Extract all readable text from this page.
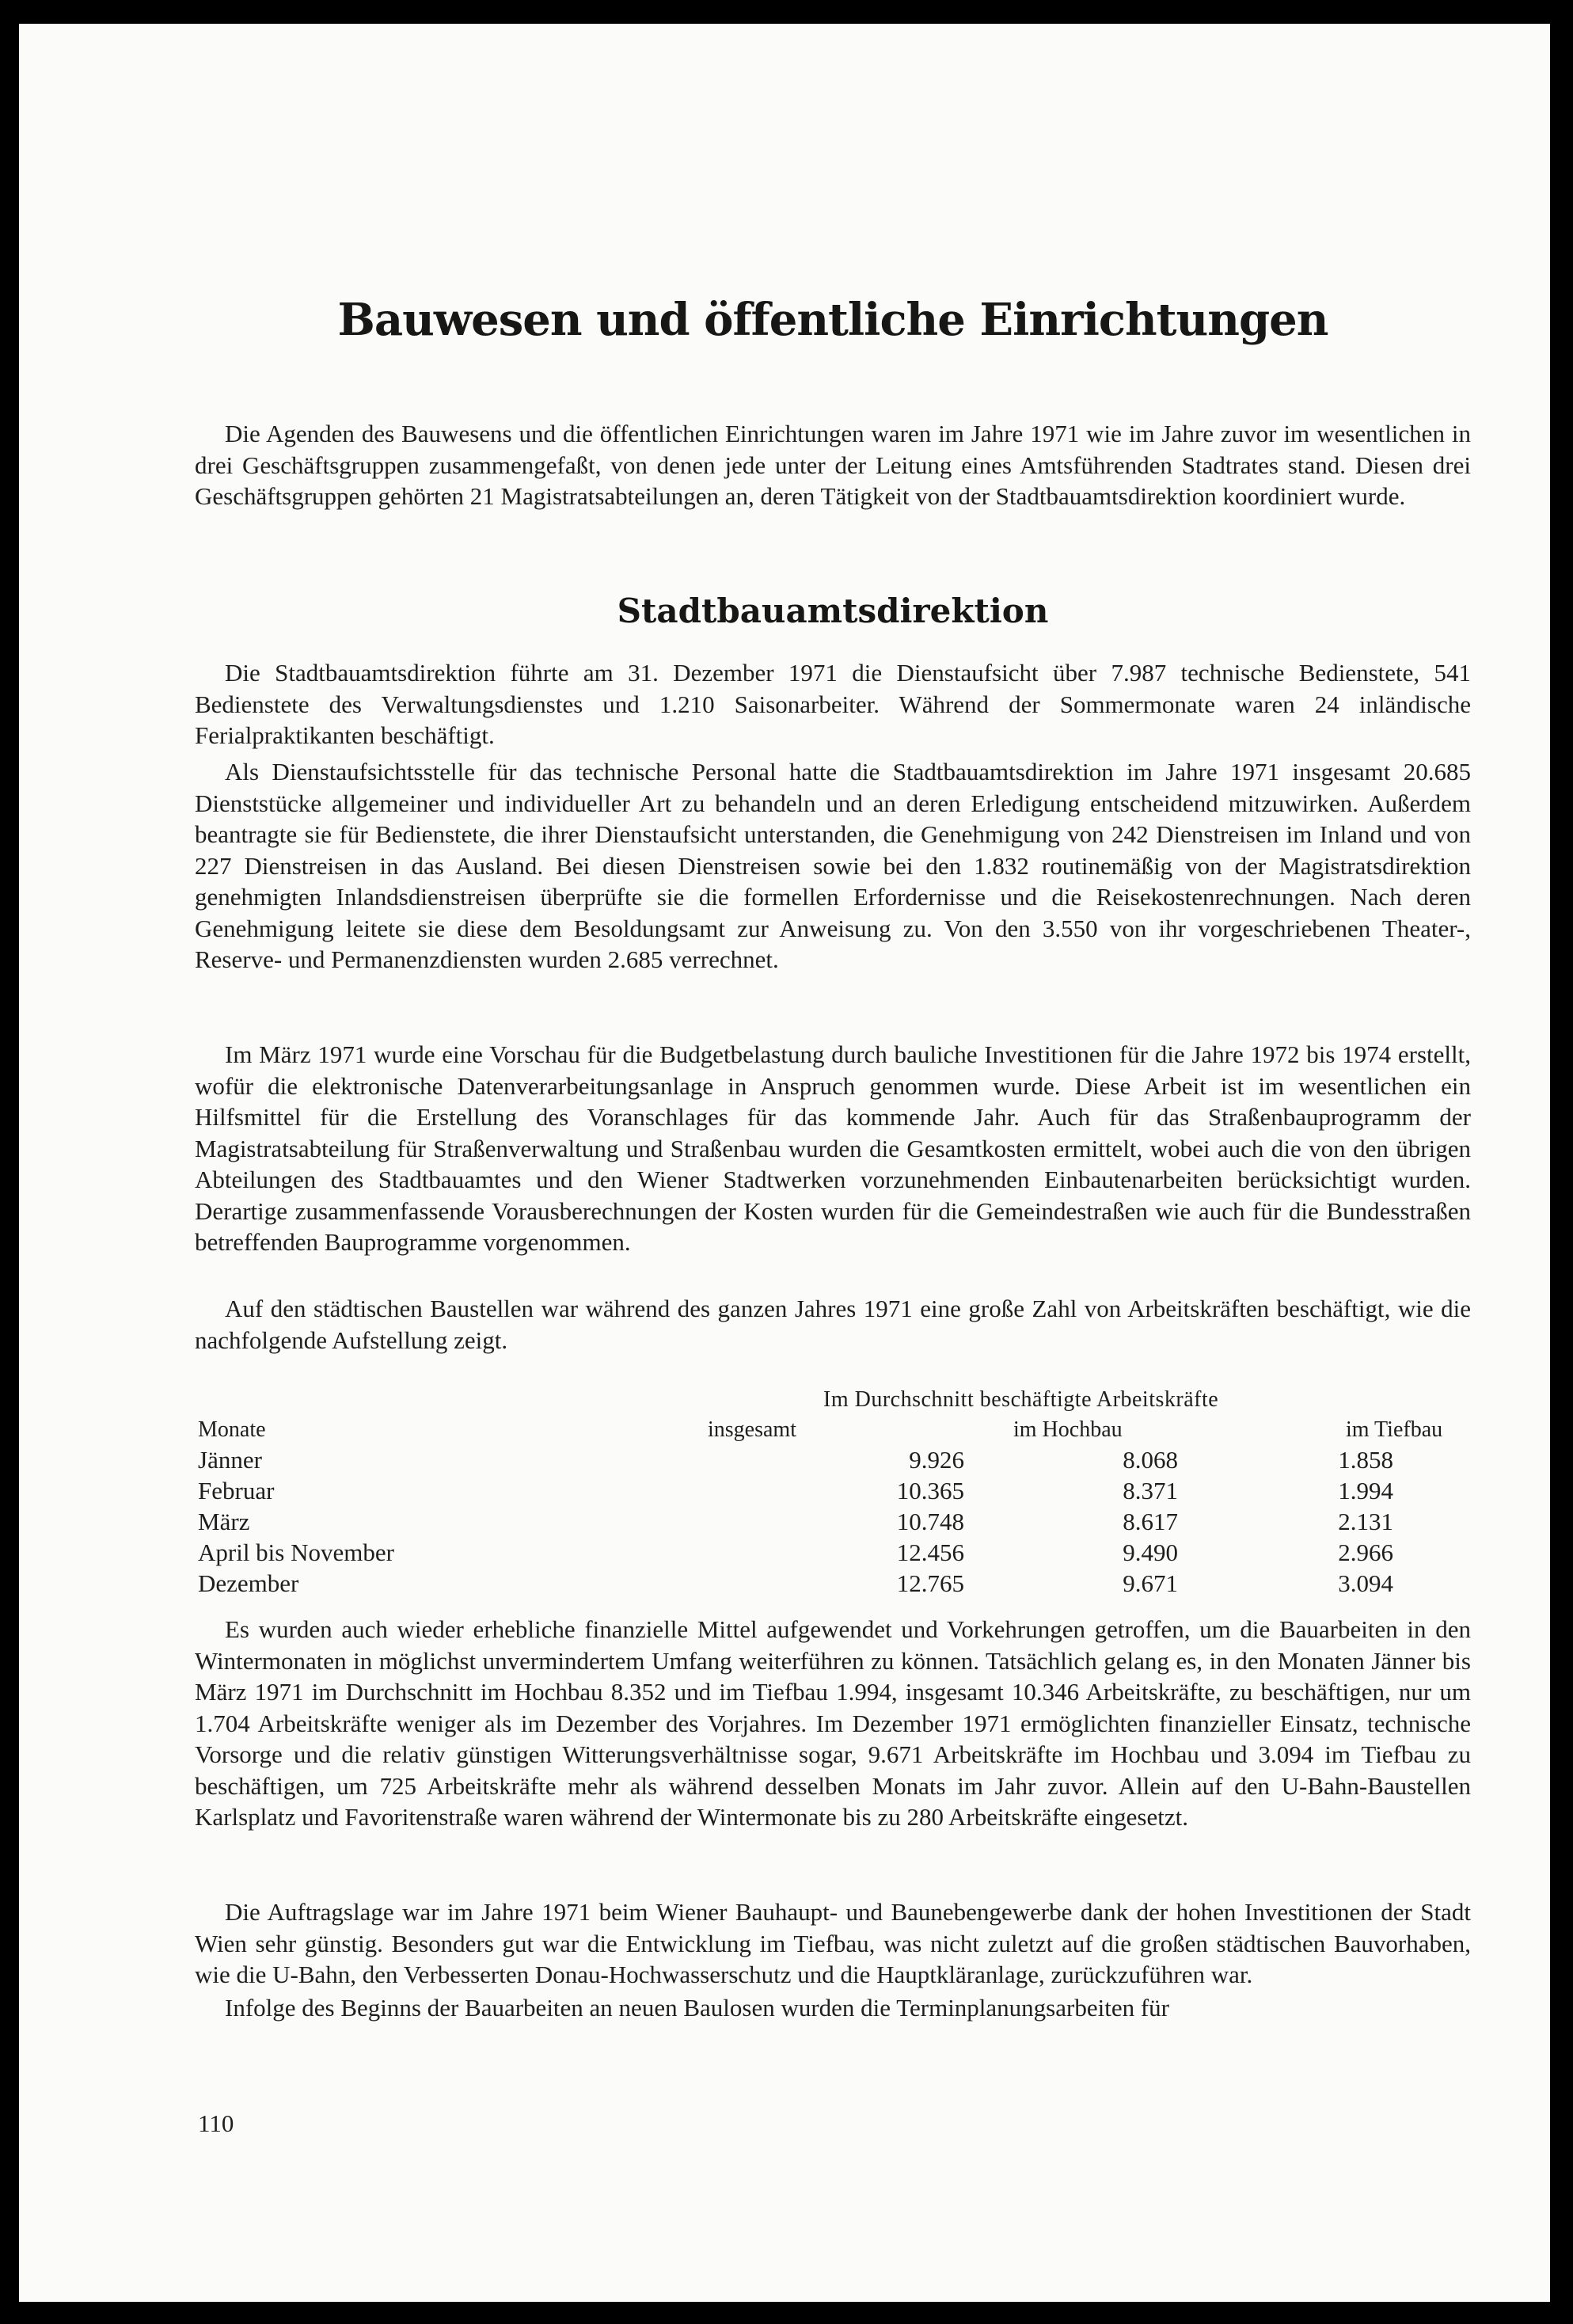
Bauwesen und öffentliche Einrichtungen

Die Agenden des Bauwesens und die öffentlichen Einrichtungen waren im Jahre 1971 wie im Jahre zuvor im wesentlichen in drei Geschäftsgruppen zusammengefaßt, von denen jede unter der Leitung eines Amtsführenden Stadtrates stand. Diesen drei Geschäftsgruppen gehörten 21 Magistratsabteilungen an, deren Tätigkeit von der Stadtbauamtsdirektion koordiniert wurde.

Stadtbauamtsdirektion

Die Stadtbauamtsdirektion führte am 31. Dezember 1971 die Dienstaufsicht über 7.987 technische Bedienstete, 541 Bedienstete des Verwaltungsdienstes und 1.210 Saisonarbeiter. Während der Sommermonate waren 24 inländische Ferialpraktikanten beschäftigt.

Als Dienstaufsichtsstelle für das technische Personal hatte die Stadtbauamtsdirektion im Jahre 1971 insgesamt 20.685 Dienststücke allgemeiner und individueller Art zu behandeln und an deren Erledigung entscheidend mitzuwirken. Außerdem beantragte sie für Bedienstete, die ihrer Dienstaufsicht unterstanden, die Genehmigung von 242 Dienstreisen im Inland und von 227 Dienstreisen in das Ausland. Bei diesen Dienstreisen sowie bei den 1.832 routinemäßig von der Magistratsdirektion genehmigten Inlandsdienstreisen überprüfte sie die formellen Erfordernisse und die Reisekostenrechnungen. Nach deren Genehmigung leitete sie diese dem Besoldungsamt zur Anweisung zu. Von den 3.550 von ihr vorgeschriebenen Theater-, Reserve- und Permanenzdiensten wurden 2.685 verrechnet.

Im März 1971 wurde eine Vorschau für die Budgetbelastung durch bauliche Investitionen für die Jahre 1972 bis 1974 erstellt, wofür die elektronische Datenverarbeitungsanlage in Anspruch genommen wurde. Diese Arbeit ist im wesentlichen ein Hilfsmittel für die Erstellung des Voranschlages für das kommende Jahr. Auch für das Straßenbauprogramm der Magistratsabteilung für Straßenverwaltung und Straßenbau wurden die Gesamtkosten ermittelt, wobei auch die von den übrigen Abteilungen des Stadtbauamtes und den Wiener Stadtwerken vorzunehmenden Einbautenarbeiten berücksichtigt wurden. Derartige zusammenfassende Vorausberechnungen der Kosten wurden für die Gemeindestraßen wie auch für die Bundesstraßen betreffenden Bauprogramme vorgenommen.

Auf den städtischen Baustellen war während des ganzen Jahres 1971 eine große Zahl von Arbeitskräften beschäftigt, wie die nachfolgende Aufstellung zeigt.

Im Durchschnitt beschäftigte Arbeitskräfte
Monate	insgesamt	im Hochbau	im Tiefbau
Jänner	9.926	8.068	1.858
Februar	10.365	8.371	1.994
März	10.748	8.617	2.131
April bis November	12.456	9.490	2.966
Dezember	12.765	9.671	3.094

Es wurden auch wieder erhebliche finanzielle Mittel aufgewendet und Vorkehrungen getroffen, um die Bauarbeiten in den Wintermonaten in möglichst unvermindertem Umfang weiterführen zu können. Tatsächlich gelang es, in den Monaten Jänner bis März 1971 im Durchschnitt im Hochbau 8.352 und im Tiefbau 1.994, insgesamt 10.346 Arbeitskräfte, zu beschäftigen, nur um 1.704 Arbeitskräfte weniger als im Dezember des Vorjahres. Im Dezember 1971 ermöglichten finanzieller Einsatz, technische Vorsorge und die relativ günstigen Witterungsverhältnisse sogar, 9.671 Arbeitskräfte im Hochbau und 3.094 im Tiefbau zu beschäftigen, um 725 Arbeitskräfte mehr als während desselben Monats im Jahr zuvor. Allein auf den U-Bahn-Baustellen Karlsplatz und Favoritenstraße waren während der Wintermonate bis zu 280 Arbeitskräfte eingesetzt.

Die Auftragslage war im Jahre 1971 beim Wiener Bauhaupt- und Baunebengewerbe dank der hohen Investitionen der Stadt Wien sehr günstig. Besonders gut war die Entwicklung im Tiefbau, was nicht zuletzt auf die großen städtischen Bauvorhaben, wie die U-Bahn, den Verbesserten Donau-Hochwasserschutz und die Hauptkläranlage, zurückzuführen war.

Infolge des Beginns der Bauarbeiten an neuen Baulosen wurden die Terminplanungsarbeiten für

110
